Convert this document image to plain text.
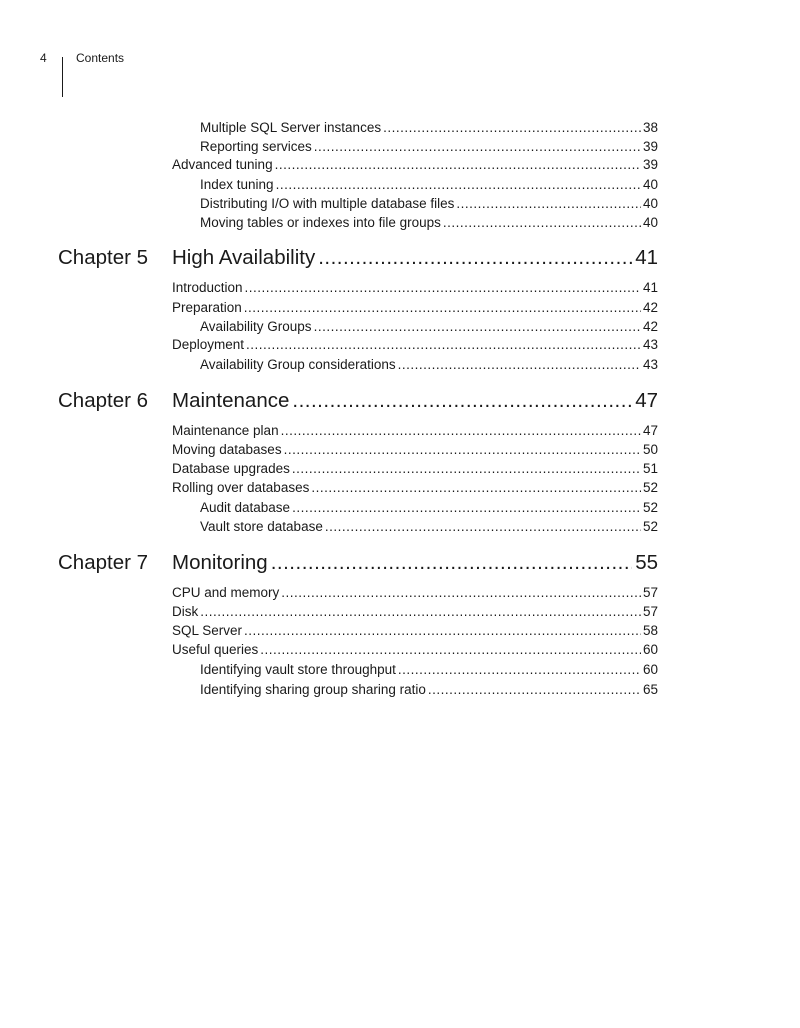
4 Contents
Multiple SQL Server instances .....	38
Reporting services .....	39
Advanced tuning .....	39
Index tuning .....	40
Distributing I/O with multiple database files .....	40
Moving tables or indexes into file groups .....	40
Chapter 5 High Availability .....	41
Introduction .....	41
Preparation .....	42
Availability Groups .....	42
Deployment .....	43
Availability Group considerations .....	43
Chapter 6 Maintenance .....	47
Maintenance plan .....	47
Moving databases .....	50
Database upgrades .....	51
Rolling over databases .....	52
Audit database .....	52
Vault store database .....	52
Chapter 7 Monitoring .....	55
CPU and memory .....	57
Disk .....	57
SQL Server .....	58
Useful queries .....	60
Identifying vault store throughput .....	60
Identifying sharing group sharing ratio .....	65
